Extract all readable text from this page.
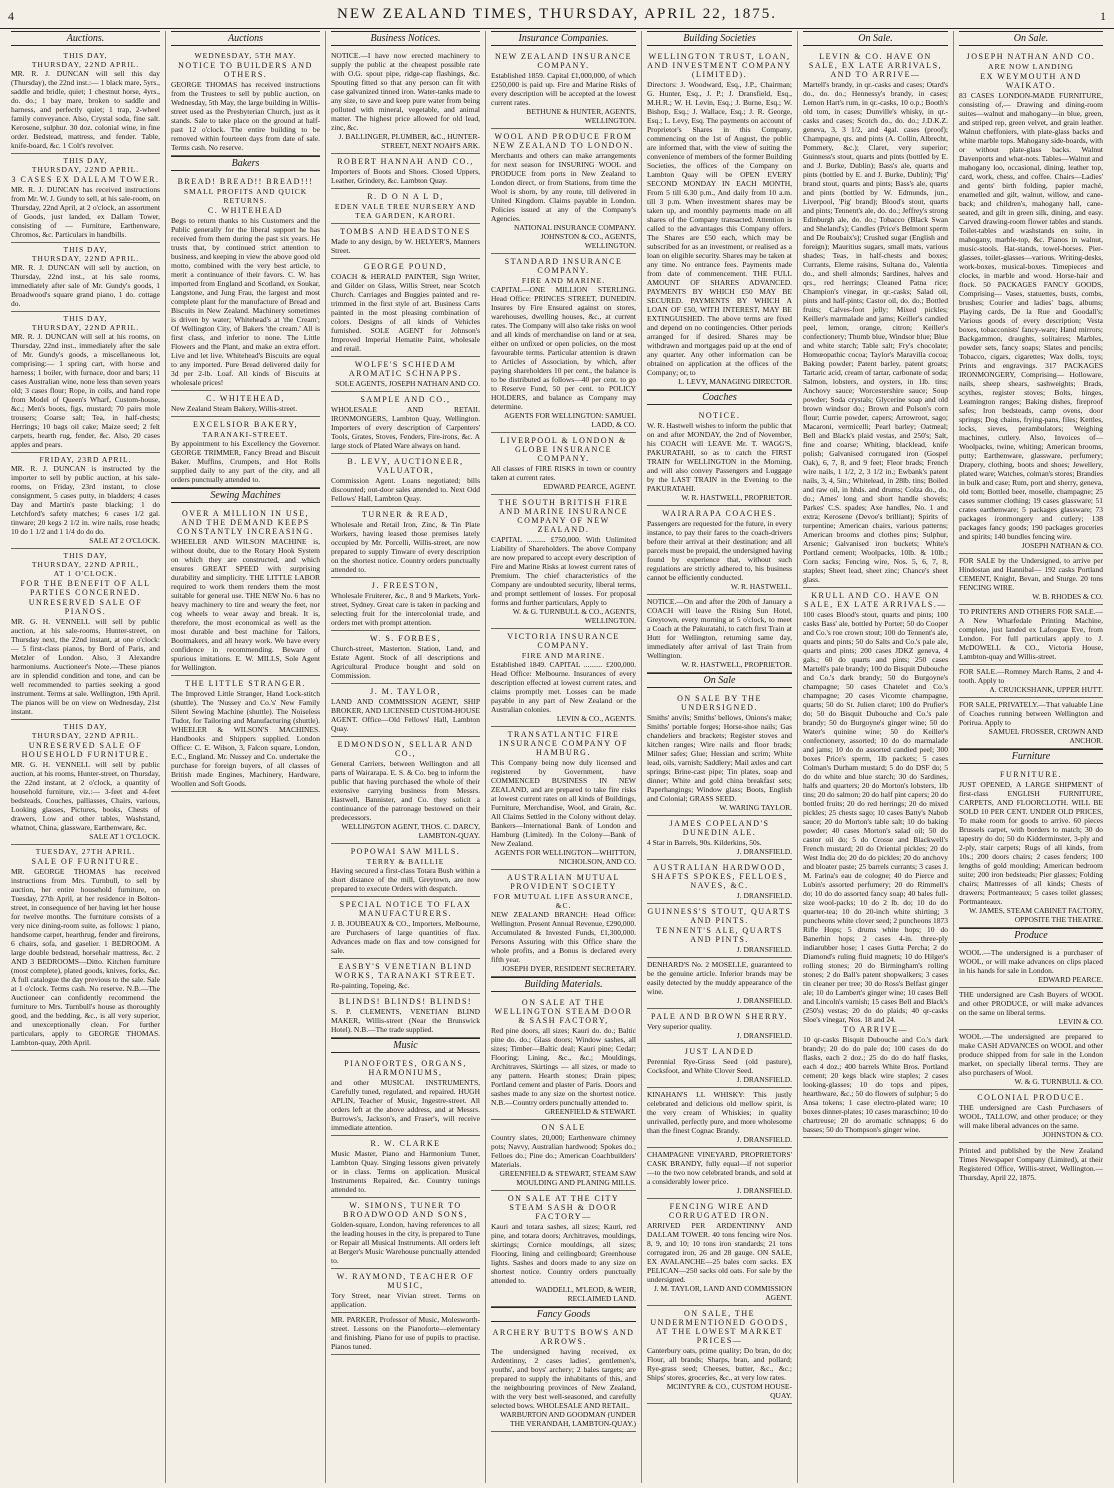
4	NEW ZEALAND TIMES, THURSDAY, APRIL 22, 1875.	1
Auctions.
THIS DAY,
THURSDAY, 22ND APRIL.
MR. R. J. DUNCAN will sell this day (Thursday), the 22nd inst.:— 1 black mare, 5yrs., saddle and bridle, quiet; 1 chestnut horse, 4yrs., do. do.; 1 bay mare, broken to saddle and harness, and perfectly quiet; 1 trap, 2-wheel family conveyance. Also, Crystal soda, fine salt. Kerosene, sulphur. 30 doz. colonial wine, in fine order. Bedstead, mattress, and fender. Table, knife-board, &c. 1 Colt's revolver.
THIS DAY,
THURSDAY, 22ND APRIL.
3 CASES EX DALLAM TOWER.
MR. R. J. DUNCAN has received instructions from Mr. W. J. Gundy to sell, at his sale-room, on Thursday, 22nd April, at 2 o'clock, an assortment of Goods, just landed, ex Dallam Tower, consisting of — Furniture, Earthenware, Chromos, &c. Particulars in handbills.
THIS DAY,
THURSDAY, 22ND APRIL.
MR. R. J. DUNCAN will sell by auction, on Thursday, 22nd inst., at his sale rooms, immediately after sale of Mr. Gundy's goods, 1 Broadwood's square grand piano, 1 do. cottage do.
THIS DAY,
THURSDAY, 22ND APRIL.
MR. R. J. DUNCAN will sell at his rooms, on Thursday, 22nd inst., immediately after the sale of Mr. Gundy's goods, a miscellaneous lot, comprising:— 1 spring cart, with horse and harness; 1 boiler, with furnace, door and bars; 11 cases Australian wine, none less than seven years old; 3 cases flour; Rope, in coils, and hand rope from Model of Queen's Wharf, Custom-house, &c.; Men's boots, figs, mustard; 70 pairs mole trousers; Coarse salt; Tea, in half-chests; Herrings; 10 bags oil cake; Maize seed; 2 felt carpets, hearth rug, fender, &c. Also, 20 cases apples and pears.
FRIDAY, 23RD APRIL.
MR. R. J. DUNCAN is instructed by the importer to sell by public auction, at his sale-rooms, on Friday, 23rd instant, to close consignment, 5 cases putty, in bladders; 4 cases Day and Martin's paste blacking; 1 do Letchford's safety matches; 6 cases 1/2 gal. tinware; 20 kegs 2 1/2 in. wire nails, rose heads; 10 do 1 1/2 and 1 1/4 do do do.
SALE AT 2 O'CLOCK.
THIS DAY,
THURSDAY, 22ND APRIL,
AT 1 O'CLOCK.
FOR THE BENEFIT OF ALL PARTIES CONCERNED.
UNRESERVED SALE OF PIANOS.
MR. G. H. VENNELL will sell by public auction, at his sale-rooms, Hunter-street, on Thursday next, the 22nd instant, at one o'clock:— 5 first-class pianos, by Bord of Paris, and Metzler of London. Also, 3 Alexandre harmoniums. Auctioneer's Note.—These pianos are in splendid condition and tone, and can be well recommended to parties seeking a good instrument. Terms at sale. Wellington, 19th April. The pianos will be on view on Wednesday, 21st instant.
THIS DAY,
THURSDAY, 22ND APRIL.
UNRESERVED SALE OF HOUSEHOLD FURNITURE.
MR. G. H. VENNELL will sell by public auction, at his rooms, Hunter-street, on Thursday, the 22nd instant, at 2 o'clock, a quantity of household furniture, viz.:— 3-feet and 4-feet bedsteads, Couches, palliasses, Chairs, various, Looking glasses, Pictures, books, Chests of drawers, Low and other tables, Washstand, whatnot, China, glassware, Earthenware, &c.
SALE AT 1 O'CLOCK.
TUESDAY, 27TH APRIL.
SALE OF FURNITURE.
MR. GEORGE THOMAS has received instructions from Mrs. Turnbull, to sell by auction, her entire household furniture, on Tuesday, 27th April, at her residence in Bolton-street, in consequence of her having let her house for twelve months. The furniture consists of a very nice dining-room suite, as follows: 1 piano, handsome carpet, hearthrug, fender and fireirons, 6 chairs, sofa, and gaselier. 1 BEDROOM. A large double bedstead, horsehair mattress, &c. 2 AND 3 BEDROOMS—Ditto. Kitchen furniture (most complete), plated goods, knives, forks, &c. A full catalogue the day previous to the sale. Sale at 1 o'clock. Terms cash. No reserve. N.B.—The Auctioneer can confidently recommend the furniture to Mrs. Turnbull's house as thoroughly good, and the bedding, &c., is all very superior, and unexceptionally clean. For further particulars, apply to GEORGE THOMAS. Lambton-quay, 20th April.
Auctions
WEDNESDAY, 5TH MAY.
NOTICE TO BUILDERS AND OTHERS.
GEORGE THOMAS has received instructions from the Trustees to sell by public auction, on Wednesday, 5th May, the large building in Willis-street used as the Presbyterian Church, just as it stands. Sale to take place on the ground at half-past 12 o'clock. The entire building to be removed within fourteen days from date of sale. Terms cash. No reserve.
Bakers
BREAD! BREAD!! BREAD!!!
SMALL PROFITS AND QUICK RETURNS.
C. WHITEHEAD
Begs to return thanks to his Customers and the Public generally for the liberal support he has received from them during the past six years. He trusts that, by continued strict attention to business, and keeping in view the above good old motto, combined with the very best article, to merit a continuance of their favors. C. W. has imported from England and Scotland, ex Soukar, Langstone, and Jung Frau, the largest and most complete plant for the manufacture of Bread and Biscuits in New Zealand. Machinery sometimes is driven by water; Whitehead's at 'the Cream'; Of Wellington City, of Bakers 'the cream.' All is first class, and inferior to none. The Little Flowers and the Plant, and make an extra effort. Live and let live. Whitehead's Biscuits are equal to any imported. Pure Bread delivered daily for 3d per 2-lb. Loaf. All kinds of Biscuits at wholesale prices!
C. WHITEHEAD,
New Zealand Steam Bakery, Willis-street.
EXCELSIOR BAKERY,
TARANAKI-STREET.
By appointment to his Excellency the Governor. GEORGE TRIMMER, Fancy Bread and Biscuit Baker. Muffins, Crumpets, and Hot Rolls supplied daily to any part of the city, and all orders punctually attended to.
Sewing Machines
OVER A MILLION IN USE, AND THE DEMAND KEEPS CONSTANTLY INCREASING.
WHEELER AND WILSON MACHINE is, without doubt, due to the Rotary Hook System on which they are constructed, and which ensures GREAT SPEED with surprising durability and simplicity. THE LITTLE LABOR required to work them renders them the most suitable for general use. THE NEW No. 6 has no heavy machinery to tire and weary the feet, nor cog wheels to wear away and break. It is, therefore, the most economical as well as the most durable and best machine for Tailors, Bootmakers, and all heavy work. We have every confidence in recommending. Beware of spurious imitations. E. W. MILLS, Sole Agent for Wellington.
THE LITTLE STRANGER.
The Improved Little Stranger, Hand Lock-stitch (shuttle). The 'Nussey and Co.'s' New Family Silent Sewing Machine (shuttle). The Noiseless Tudor, for Tailoring and Manufacturing (shuttle). WHEELER & WILSON'S MACHINES. Handbooks and Shippers supplied. London Office: C. E. Wilson, 3, Falcon square, London, E.C., England. Mr. Nussey and Co. undertake the purchase for foreign buyers, of all classes of British made Engines, Machinery, Hardware, Woollen and Soft Goods.
Business Notices.
NOTICE.—I have now erected machinery to supply the public at the cheapest possible rate with O.G. spout pipe, ridge-cap flashings, &c. Spouting fitted so that any person can fit with case galvanized tinned iron. Water-tanks made to any size, to save and keep pure water from being polluted with mineral, vegetable, and animal matter. The highest price allowed for old lead, zinc, &c.
J. BALLINGER, PLUMBER, &C., HUNTER-STREET, NEXT NOAH'S ARK.
ROBERT HANNAH AND CO.,
Importers of Boots and Shoes. Closed Uppers, Leather, Grindery, &c. Lambton Quay.
R. D O N A L D,
EDEN VALE TREE NURSERY AND TEA GARDEN, KARORI.
TOMBS AND HEADSTONES
Made to any design, by W. HELYER'S, Manners Street.
GEORGE POUND,
COACH & HERALD PAINTER, Sign Writer, and Gilder on Glass, Willis Street, near Scotch Church. Carriages and Buggies painted and re-trimmed in the first style of art. Business Carts painted in the most pleasing combination of colors. Designs of all kinds of Vehicles furnished. SOLE AGENT for Johnson's Improved Imperial Hematite Paint, wholesale and retail.
WOLFE'S SCHIEDAM AROMATIC SCHNAPPS.
SOLE AGENTS, JOSEPH NATHAN AND CO.
SAMPLE AND CO.,
WHOLESALE AND RETAIL IRONMONGERS, Lambton Quay, Wellington. Importers of every description of Carpenters' Tools, Grates, Stoves, Fenders, Fire-irons, &c. A large stock of Plated Ware always on hand.
B. LEVY, AUCTIONEER, VALUATOR,
Commission Agent. Loans negotiated; bills discounted; out-door sales attended to. Next Odd Fellows' Hall, Lambton Quay.
TURNER & READ,
Wholesale and Retail Iron, Zinc, & Tin Plate Workers, having leased those premises lately occupied by Mr. Porcelli, Willis-street, are now prepared to supply Tinware of every description on the shortest notice. Country orders punctually attended to.
J. FREESTON,
Wholesale Fruiterer, &c., 8 and 9 Markets, York-street, Sydney. Great care is taken in packing and selecting fruit for the intercolonial trade, and orders met with prompt attention.
W. S. FORBES,
Church-street, Masterton. Station, Land, and Estate Agent. Stock of all descriptions and Agricultural Produce bought and sold on Commission.
J. M. TAYLOR,
LAND AND COMMISSION AGENT, SHIP BROKER, AND LICENSED CUSTOM-HOUSE AGENT. Office—Old Fellows' Hall, Lambton Quay.
EDMONDSON, SELLAR AND CO.,
General Carriers, between Wellington and all parts of Wairarapa. E. S. & Co. beg to inform the public that having purchased the whole of their extensive carrying business from Messrs. Hastwell, Bannister, and Co. they solicit a continuance of the patronage bestowed on their predecessors.
WELLINGTON AGENT, THOS. C. DARCY, LAMBTON-QUAY.
POPOWAI SAW MILLS.
TERRY & BAILLIE
Having secured a first-class Totara Bush within a short distance of the mill, Greytown, are now prepared to execute Orders with despatch.
SPECIAL NOTICE TO FLAX MANUFACTURERS.
J. B. JOUBEAUX & CO., Importers, Melbourne, are Purchasers of large quantities of flax. Advances made on flax and tow consigned for sale.
EASBY'S VENETIAN BLIND WORKS, TARANAKI STREET.
Re-painting, Topeing, &c.
BLINDS! BLINDS! BLINDS!
S. P. CLEMENTS, VENETIAN BLIND MAKER, Willis-street (Near the Brunswick Hotel). N.B.—The trade supplied.
Music
PIANOFORTES, ORGANS, HARMONIUMS,
and other MUSICAL INSTRUMENTS, Carefully tuned, regulated, and repaired. HUGH APLIN, Teacher of Music, Ingestre-street. All orders left at the above address, and at Messrs. Burrows's, Jackson's, and Fraser's, will receive immediate attention.
R. W. CLARKE
Music Master, Piano and Harmonium Tuner, Lambton Quay. Singing lessons given privately or in class. Terms on application. Musical Instruments Repaired, &c. Country tunings attended to.
W. SIMONS, TUNER TO BROADWOOD AND SONS,
Golden-square, London, having references to all the leading houses in the city, is prepared to Tune or Repair all Musical Instruments. All orders left at Berger's Music Warehouse punctually attended to.
W. RAYMOND, TEACHER OF MUSIC,
Tory Street, near Vivian street. Terms on application.
MR. PARKER, Professor of Music, Molesworth-street. Lessons on the Pianoforte—elementary and finishing. Piano for use of pupils to practise. Pianos tuned.
Insurance Companies.
NEW ZEALAND INSURANCE COMPANY.
Established 1859. Capital £1,000,000, of which £250,000 is paid up. Fire and Marine Risks of every description will be accepted at the lowest current rates.
BETHUNE & HUNTER, AGENTS, WELLINGTON.
WOOL AND PRODUCE FROM NEW ZEALAND TO LONDON.
Merchants and others can make arrangements for next season for INSURING WOOL and PRODUCE from ports in New Zealand to London direct, or from Stations, from time the Wool is shorn, by any route, till delivered in United Kingdom. Claims payable in London. Policies issued at any of the Company's Agencies.
NATIONAL INSURANCE COMPANY. JOHNSTON & CO., AGENTS, WELLINGTON.
STANDARD INSURANCE COMPANY.
FIRE AND MARINE.
CAPITAL—ONE MILLION STERLING. Head Office: PRINCES STREET, DUNEDIN. Insures by Fire Ensured against on stores, warehouses, dwelling houses, &c., at current rates. The Company will also take risks on wool and all kinds of merchandise on land or at sea, either on unfixed or open policies, on the most favourable terms. Particular attention is drawn to Articles of Association, by which, after paying shareholders 10 per cent., the balance is to be distributed as follows—40 per cent. to go to Reserve Fund, 50 per cent. to POLICY HOLDERS, and balance as Company may determine.
AGENTS FOR WELLINGTON: SAMUEL LADD, & CO.
LIVERPOOL & LONDON & GLOBE INSURANCE COMPANY.
All classes of FIRE RISKS in town or country taken at current rates.
EDWARD PEARCE, AGENT.
THE SOUTH BRITISH FIRE AND MARINE INSURANCE COMPANY OF NEW ZEALAND.
CAPITAL .......... £750,000. With Unlimited Liability of Shareholders. The above Company are now prepared to accept every description of Fire and Marine Risks at lowest current rates of Premium. The chief characteristics of the Company are undoubted security, liberal terms, and prompt settlement of losses. For proposal forms and further particulars, Apply to
W. & G. TURNBULL & CO., AGENTS, WELLINGTON.
VICTORIA INSURANCE COMPANY.
FIRE AND MARINE.
Established 1849. CAPITAL .......... £200,000. Head Office: Melbourne. Insurances of every description effected at lowest current rates, and claims promptly met. Losses can be made payable in any part of New Zealand or the Australian colonies.
LEVIN & CO., AGENTS.
TRANSATLANTIC FIRE INSURANCE COMPANY OF HAMBURG.
This Company being now duly licensed and registered by Government, have COMMENCED BUSINESS IN NEW ZEALAND, and are prepared to take fire risks at lowest current rates on all kinds of Buildings, Furniture, Merchandise, Wool, and Grain, &c. All Claims Settled in the Colony without delay. Bankers—International Bank of London and Hamburg (Limited). In the Colony—Bank of New Zealand.
AGENTS FOR WELLINGTON—WHITTON, NICHOLSON, AND CO.
AUSTRALIAN MUTUAL PROVIDENT SOCIETY
FOR MUTUAL LIFE ASSURANCE, &C.
NEW ZEALAND BRANCH: Head Office: Wellington. Present Annual Revenue, £290,000. Accumulated & Invested Funds, £1,300,000. Persons Assuring with this Office share the whole profits, and a Bonus is declared every fifth year.
JOSEPH DYER, RESIDENT SECRETARY.
Building Materials.
ON SALE AT THE WELLINGTON STEAM DOOR & SASH FACTORY,
Red pine doors, all sizes; Kauri do. do.; Baltic pine do. do.; Glass doors; Window sashes, all sizes; Timber—Baltic deal; Kauri pine; Cedar; Flooring; Lining, &c., &c.; Mouldings, Architraves, Skirtings — all sizes, or made to any pattern. Hearth stones; Drain pipes; Portland cement and plaster of Paris. Doors and sashes made to any size on the shortest notice. N.B.—Country orders punctually attended to.
GREENFIELD & STEWART.
ON SALE
Country slates, 20,000; Earthenware chimney pots; Navvy, Australian hardwood; Spokes do.; Felloes do.; Pine do.; American Coachbuilders' Materials.
GREENFIELD & STEWART, STEAM SAW MOULDING AND PLANING MILLS.
ON SALE AT THE CITY STEAM SASH & DOOR FACTORY—
Kauri and totara sashes, all sizes; Kauri, red pine, and totara doors; Architraves, mouldings, skirtings; Cornice mouldings, all sizes; Flooring, lining and ceilingboard; Greenhouse lights. Sashes and doors made to any size on shortest notice. Country orders punctually attended to.
WADDELL, M'LEOD, & WEIR, RECLAIMED LAND.
Fancy Goods
ARCHERY BUTTS BOWS AND ARROWS.
The undersigned having received, ex Ardentinny, 2 cases ladies', gentlemen's, youths', and boys' archery; 2 bales targets; are prepared to supply the inhabitants of this, and the neighbouring provinces of New Zealand, with the very best well-seasoned, and carefully selected bows. WHOLESALE AND RETAIL.
WARBURTON AND GOODMAN (UNDER THE VERANDAH, LAMBTON-QUAY.)
Building Societies
WELLINGTON TRUST, LOAN, AND INVESTMENT COMPANY (LIMITED).
Directors: J. Woodward, Esq., J.P., Chairman; G. Hunter, Esq., J. P.; J. Dransfield, Esq., M.H.R.; W. H. Levin, Esq.; J. Burne, Esq.; W. Bishop, Esq.; J. Wallace, Esq.; J. R. George, Esq.; L. Levy, Esq. The payments on account of Proprietor's Shares in this Company, commencing on the 1st of August, the public are informed that, with the view of suiting the convenience of members of the former Building Societies, the offices of the Company on Lambton Quay will be OPEN EVERY SECOND MONDAY IN EACH MONTH, From 5 till 6.30 p.m., And daily from 10 a.m. till 3 p.m. When investment shares may be taken up, and monthly payments made on all shares of the Company transacted. Attention is called to the advantages this Company offers. The Shares are £50 each, which may be subscribed for as an investment, or realised as a loan on eligible security. Shares may be taken at any time. No entrance fees. Payments made from date of commencement. THE FULL AMOUNT OF SHARES ADVANCED. PAYMENTS BY WHICH £50 MAY BE SECURED. PAYMENTS BY WHICH A LOAN OF £50, WITH INTEREST, MAY BE EXTINGUISHED. The above terms are fixed and depend on no contingencies. Other periods arranged for if desired. Shares may be withdrawn and mortgages paid up at the end of any quarter. Any other information can be obtained on application at the offices of the Company; or, to
L. LEVY, MANAGING DIRECTOR.
Coaches
NOTICE.
W. R. Hastwell wishes to inform the public that on and after MONDAY, the 2nd of November, his COACH will LEAVE Mr. T. WAGG'S, PAKURATAHI, so as to catch the FIRST TRAIN for WELLINGTON in the Morning, and will also convey Passengers and Luggage by the LAST TRAIN in the Evening to the PAKURATAHI.
W. R. HASTWELL, PROPRIETOR.
WAIRARAPA COACHES.
Passengers are requested for the future, in every instance, to pay their fares to the coach-drivers before their arrival at their destination; and all parcels must be prepaid, the undersigned having found by experience that, without such regulations are strictly adhered to, his business cannot be efficiently conducted.
W. R. HASTWELL.
NOTICE.—On and after the 20th of January a COACH will leave the Rising Sun Hotel, Greytown, every morning at 5 o'clock, to meet a Coach at the Pakuratahi, to catch first Train at Hutt for Wellington, returning same day, immediately after arrival of last Train from Wellington.
W. R. HASTWELL, PROPRIETOR.
On Sale
ON SALE BY THE UNDERSIGNED.
Smiths' anvils; Smiths' bellows, Onions's make; Smiths' portable forges; Horse-shoe nails; Gas chandeliers and brackets; Register stoves and kitchen ranges; Wire nails and floor brads; Milner safes; Glue; Hessian and scrim; White lead, oils, varnish; Saddlery; Mail axles and cart springs; Brine-cast pipe; Tin plates, soap and dinner; White and gold china breakfast sets; Paperhangings; Window glass; Boots, English and Colonial; GRASS SEED.
W. WARING TAYLOR.
JAMES COPELAND'S DUNEDIN ALE.
4 Star in Barrels, 90s. Kilderkins, 50s.
J. DRANSFIELD.
AUSTRALIAN HARDWOOD, SHAFTS SPOKES, FELLOES, NAVES, &C.
J. DRANSFIELD.
GUINNESS'S STOUT, QUARTS AND PINTS.
TENNENT'S ALE, QUARTS AND PINTS.
J. DRANSFIELD.
DENHARD'S No. 2 MOSELLE, guaranteed to be the genuine article. Inferior brands may be easily detected by the muddy appearance of the wine.
J. DRANSFIELD.
PALE AND BROWN SHERRY.
Very superior quality.
J. DRANSFIELD.
JUST LANDED
Perennial Rye-Grass Seed (old pasture), Cocksfoot, and White Clover Seed.
J. DRANSFIELD.
KINAHAN'S LL WHISKY: This justly celebrated and delicious old mellow spirit, is the very cream of Whiskies; in quality unrivalled, perfectly pure, and more wholesome than the finest Cognac Brandy.
J. DRANSFIELD.
CHAMPAGNE VINEYARD, PROPRIETORS' CASK BRANDY, fully equal—if not superior—to the two now celebrated brands, and sold at a considerably lower price.
J. DRANSFIELD.
FENCING WIRE AND CORRUGATED IRON.
ARRIVED PER ARDENTINNY AND DALLAM TOWER. 40 tons fencing wire Nos. 8, 9, and 10; 10 tons iron standards; 21 tons corrugated iron, 26 and 28 gauge. ON SALE, EX AVALANCHE—25 bales corn sacks. EX PELICAN—250 sacks old oats. For sale by the undersigned.
J. M. TAYLOR, LAND AND COMMISSION AGENT.
ON SALE, THE UNDERMENTIONED GOODS, AT THE LOWEST MARKET PRICES—
Canterbury oats, prime quality; Do bran, do do; Flour, all brands; Sharps, bran, and pollard; Rye-grass seed; Cheeses, butter, &c., &c.; Ships' stores, groceries, &c., at very low rates.
MCINTYRE & CO., CUSTOM HOUSE-QUAY.
On Sale.
LEVIN & CO. HAVE ON SALE, EX LATE ARRIVALS, AND TO ARRIVE—
Martell's brandy, in qr.-casks and cases; Otard's do., do. do.; Hennessy's brandy, in cases; Lemon Hart's rum, in qr.-casks, 10 o.p.; Booth's old tom, in cases; Dunville's whisky, in qr.-casks and cases; Scotch do., do. do.; J.D.K.Z. geneva, 3, 3 1/2, and 4gal. cases (proof); Champagne, qts. and pints (A. Collin, Albrecht, Pommery, &c.); Claret, very superior; Guinness's stout, quarts and pints (bottled by E. and J. Burke, Dublin); Bass's ale, quarts and pints (bottled by E. and J. Burke, Dublin); 'Pig' brand stout, quarts and pints; Bass's ale, quarts and pints (bottled by W. Edmunds, jun., Liverpool, 'Pig' brand); Blood's stout, quarts and pints; Tennent's ale, do. do.; Jeffrey's strong Edinburgh ale, do. do.; Tobacco (Black Swan and Sheland's); Candles (Price's Belmont sperm and De Roubaix's); Crushed sugar (English and foreign); Mauritius sugars, small mats, various shades; Teas, in half-chests and boxes; Currants, Eleme raisins, Sultana do., Valentia do., and shell almonds; Sardines, halves and qrs., red herrings; Cleaned Patna rice; Champion's vinegar, in qr.-casks; Salad oil, pints and half-pints; Castor oil, do. do.; Bottled fruits; Calves-foot jelly; Mixed pickles; Keiller's marmalade and jams; Keiller's candied peel, lemon, orange, citron; Keiller's confectionery; Thumb blue, Windsor blue; Blue and white starch; Table salt; Fry's chocolate; Homœopathic cocoa; Taylor's Maravilla cocoa; Baking powder; Patent barley, patent groats; Tartaric acid, cream of tartar, carbonate of soda; Salmon, lobsters, and oysters, in 1lb. tins; Anchovy sauce; Worcestershire sauce; Soup powder; Soda crystals; Glycerine soap and old brown windsor do.; Brown and Polson's corn flour; Currie powder, capers; Arrowroot, sago; Macaroni, vermicelli; Pearl barley; Oatmeal; Bell and Black's plaid vestas, and 250's; Salt, fine and coarse; Whiting, blacklead, knife polish; Galvanised corrugated iron (Gospel Oak), 6, 7, 8, and 9 feet; Fleor brads; French wire nails, 1 1/2, 2, 3 1/2 in.; Ewbank's patent nails, 3, 4, 5in.; Whitelead, in 28lb. tins; Boiled and raw oil, in hhds. and drums; Colza do., do. do.; Ames' long and short handle shovels; Parkes' C.S. spades; Axe handles, No. 1 and extra; Kerosene (Devoe's brilliant); Spirits of turpentine; American chairs, various patterns; American brooms and clothes pins; Sulphur, Arsenic; Galvanised iron buckets; White's Portland cement; Woolpacks, 10lb. & 10lb.; Corn sacks; Fencing wire, Nos. 5, 6, 7, 8, staples; Sheet lead, sheet zinc; Chance's sheet glass.
KRULL AND CO. HAVE ON SALE, EX LATE ARRIVALS.—
100 cases Blood's stout, quarts and pints; 100 casks Bass' ale, bottled by Porter; 50 do Cooper and Co.'s roe crown stout; 100 do Tennent's ale, quarts and pints; 50 do Salts and Co.'s pale ale, quarts and pints; 200 cases JDKZ geneva, 4 gals.; 60 do quarts and pints; 250 cases Martell's pale brandy; 100 do Bisquit Dubouche and Co.'s dark brandy; 50 do Burgoyne's champagne; 50 cases Chatelet and Co.'s champagne; 20 cases Vicomte champagne, quarts; 50 do St. Julien claret; 100 do Prufier's do; 50 do Bisquit Dubouche and Co.'s pale brandy; 50 do Burgoyne's ginger wine; 50 do Water's quinine wine; 50 do Keiller's confectionery, assorted; 10 do do marmalade and jams; 10 do do assorted candied peel; 300 boxes Price's sperm, 1lb packets; 5 cases Colman's Durham mustard; 5 do do DSF do; 5 do do white and blue starch; 30 do Sardines, halfs and quarters; 20 do Morton's lobsters, 1lb tins; 20 do salmon; 20 do half pint capers; 20 do bottled fruits; 20 do red herrings; 20 do mixed pickles; 25 chests sago; 10 cases Batty's Nabob sauce; 20 do Morton's table salt; 10 do baking powder; 40 cases Morton's salad oil; 50 do castor oil do; 5 do Crosse and Blackwell's French mustard; 20 do Oriental pickles; 20 do West India do; 20 do do pickles; 20 do anchovy and bloater paste; 25 barrels currants; 3 cases J. M. Farina's eau de cologne; 40 do Pierce and Lubin's assorted perfumery; 20 do Rimmell's do; 10 do do assorted fancy soap; 40 bales full-size wool-packs; 10 do 2 lb. do; 10 do do quarter-tea; 10 do 20-inch white shirting; 3 puncheons white clover seed; 2 puncheons 1873 Rifle Hops; 5 drums white hops; 10 do Banerhin hops; 2 cases 4-in. three-ply indiarubber hose; 1 cases Gutta Percha; 2 do Diamond's ruling fluid magnets; 10 do Hilger's rolling stones; 20 do Birmingham's rolling stones; 2 do Ball's patent shopwalkers; 3 cases tin cleaner per tree; 30 do Ross's Belfast ginger ale; 10 do Lambert's ginger wine; 10 cases Bell and Lincoln's varnish; 15 cases Bell and Black's (250's) vestas; 20 do do plaids; 40 qr-casks Sloe's vinegar, Nos. 18 and 24.
TO ARRIVE—
10 qr-casks Bisquit Dubouche and Co.'s dark brandy; 20 do do pale do; 100 cases do do flasks, each 2 doz.; 25 do do do half flasks, each 4 doz.; 400 barrels White Bros. Portland cement; 20 kegs black wire staples; 2 cases looking-glasses; 10 do tops and pipes, hearthware, &c.; 50 do flowers of sulphur; 5 do Ansa tokens; 1 case electro-plated ware; 10 boxes dinner-plates; 10 cases maraschino; 10 do chartreuse; 20 do aromatic schnapps; 6 do basses; 50 do Thompson's ginger wine.
On Sale.
JOSEPH NATHAN AND CO.
ARE NOW LANDING
EX WEYMOUTH AND WAIKATO.
83 CASES LONDON-MADE FURNITURE, consisting of,— Drawing and dining-room suites—walnut and mahogany—in blue, green, and striped rep, green velvet, and grain leather. Walnut cheffoniers, with plate-glass backs and white marble tops. Mahogany side-boards, with or without plate-glass backs. Walnut Davenports and what-nots. Tables—Walnut and mahogany loo, occasional, dining, leather top, card, work, chess, and coffee. Chairs—Ladies' and gents' birth folding, papier maché, enamelled and gilt, walnut, willow, and cane-back; and children's, mahogany hall, cane-seated, and gilt in green silk, dining, and easy. Carved drawing-room flower tables and stands. Toilet-tables and washstands en suite, in mahogany, marble-top, &c. Pianos in walnut, music-stools. Hat-stands, towel-horses. Pier-glasses, toilet-glasses—various. Writing-desks, work-boxes, musical-boxes. Timepieces and clocks, in marble and wood. Horse-hair and flock. 50 PACKAGES FANCY GOODS, Comprising— Vases, statuettes, busts, combs, brushes; Courier and ladies' bags, albums; Playing cards, De la Rue and Goodall's; Various goods of every description; Vesta boxes, tobacconists' fancy-ware; Hand mirrors; Backgammon, draughts, solitaires; Marbles, powder sets, fancy soaps; Slates and pencils; Tobacco, cigars, cigarettes; Wax dolls, toys; Prints and engravings. 317 PACKAGES IRONMONGERY, Comprising— Holloware, nails, sheep shears, sashweights; Brads, scythes, register stoves; Bolts, hinges, Leamington ranges; Baking dishes, fireproof safes; Iron bedsteads, camp ovens, door springs; Dog chains, frying-pans, files; Kettles, locks, sieves, perambulators; Weighing machines, cutlery. Also, Invoices of— Woolpacks, twine, whiting; American brooms, putty; Earthenware, glassware, perfumery; Drapery, clothing, boots and shoes; Jewellery, plated ware; Watches, colman's stores; Brandies in bulk and case; Rum, port and sherry, geneva, old tom; Bottled beer, moselle, champagne; 25 cases summer clothing; 19 cases glassware; 51 crates earthenware; 5 packages glassware; 73 packages ironmongery and cutlery; 138 packages fancy goods; 190 packages groceries and spirits; 140 bundles fencing wire.
JOSEPH NATHAN & CO.
FOR SALE by the Undersigned, to arrive per Hindostan and Hannibal— 192 casks Portland CEMENT, Knight, Bevan, and Sturge. 20 tons FENCING WIRE.
W. B. RHODES & CO.
TO PRINTERS AND OTHERS FOR SALE.—A New Wharfedale Printing Machine, complete, just landed ex Lafoogue Eve, from London. For full particulars apply to J. McDOWELL & CO., Victoria House, Lambton-quay and Willis-street.
FOR SALE.—Romney March Rams, 2 and 4-tooth. Apply to
A. CRUICKSHANK, UPPER HUTT.
FOR SALE, PRIVATELY.—That valuable Line of Coaches running between Wellington and Porirua. Apply to
SAMUEL FROSSER, CROWN AND ANCHOR.
Furniture
FURNITURE.
JUST OPENED, A LARGE SHIPMENT of first-class ENGLISH FURNITURE, CARPETS, AND FLOORCLOTH. WILL BE SOLD 10 PER CENT. UNDER OLD PRICES, To make room for goods to arrive. 60 pieces Brussels carpet, with borders to match; 30 do tapestry do do; 50 do Kidderminster, 3-ply and 2-ply, stair carpets; Rugs of all kinds, from 10s.; 200 doors chairs; 2 cases fenders; 100 lengths of gold moulding; American bedroom suite; 200 iron bedsteads; Pier glasses; Folding chairs; Mattresses of all kinds; Chests of drawers; Portmanteaux; 5 cases toilet glasses; Portmanteaux.
W. JAMES, STEAM CABINET FACTORY, OPPOSITE THE THEATRE.
Produce
WOOL.—The undersigned is a purchaser of WOOL, or will make advances on clips placed in his hands for sale in London.
EDWARD PEARCE.
THE undersigned are Cash Buyers of WOOL and other PRODUCE, or will make advances on the same on liberal terms.
LEVIN & CO.
WOOL.—The undersigned are prepared to make CASH ADVANCES on WOOL and other produce shipped from for sale in the London market, on specially liberal terms. They are also purchasers of Wool.
W. & G. TURNBULL & CO.
COLONIAL PRODUCE.
THE undersigned are Cash Purchasers of WOOL, TALLOW, and other produce; or they will make liberal advances on the same.
JOHNSTON & CO.
Printed and published by the New Zealand Times Newspaper Company (Limited), at their Registered Office, Willis-street, Wellington.—Thursday, April 22, 1875.
